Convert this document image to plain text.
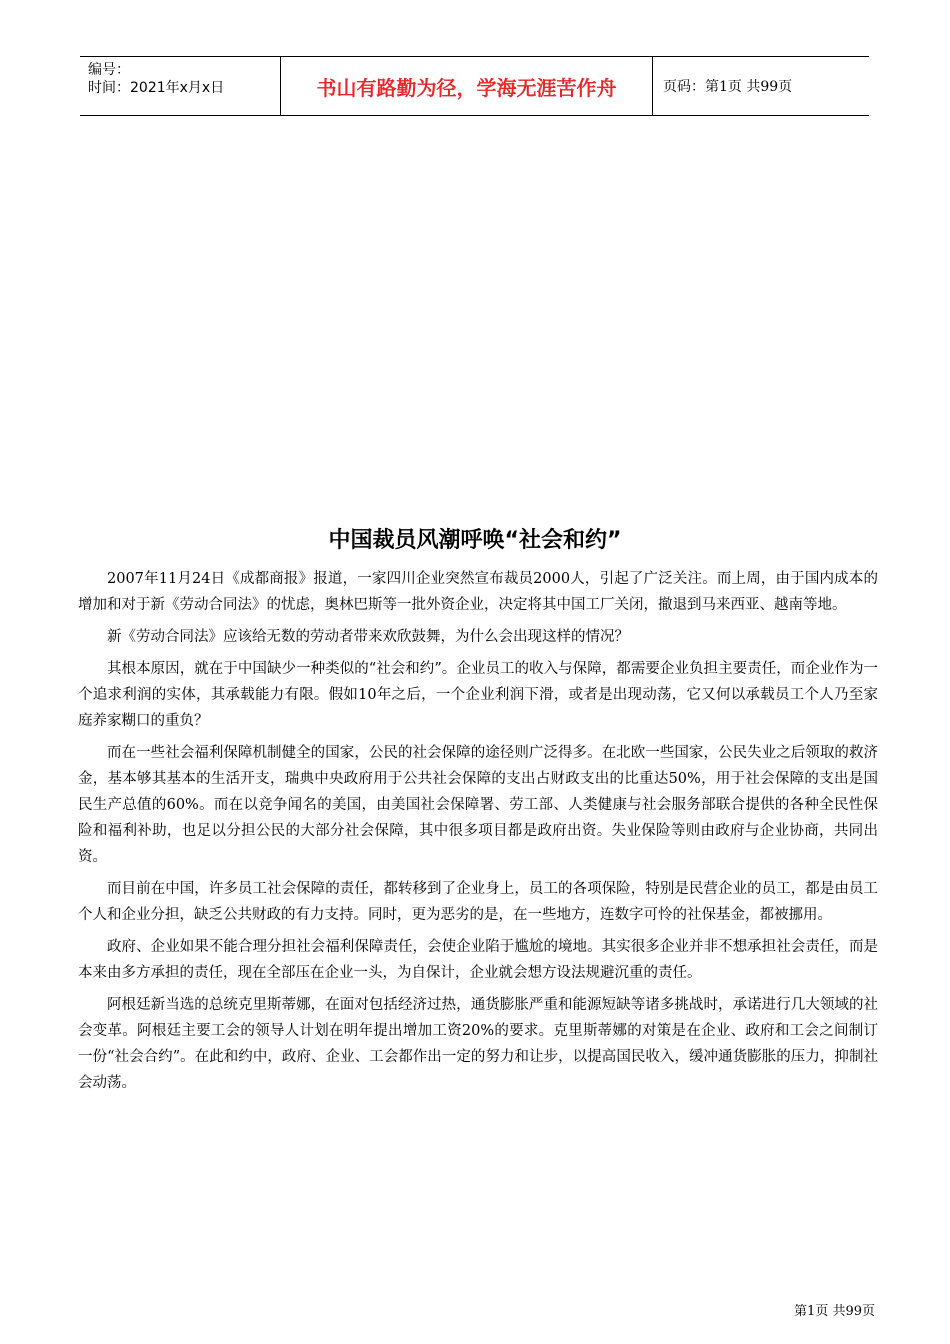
编号：
时间：2021年x月x日	书山有路勤为径，学海无涯苦作舟	页码：第1页 共99页
中国裁员风潮呼唤“社会和约”

2007年11月24日《成都商报》报道，一家四川企业突然宣布裁员2000人，引起了广泛关注。而上周，由于国内成本的增加和对于新《劳动合同法》的忧虑，奥林巴斯等一批外资企业，决定将其中国工厂关闭，撤退到马来西亚、越南等地。

新《劳动合同法》应该给无数的劳动者带来欢欣鼓舞，为什么会出现这样的情况？

其根本原因，就在于中国缺少一种类似的“社会和约”。企业员工的收入与保障，都需要企业负担主要责任，而企业作为一个追求利润的实体，其承载能力有限。假如10年之后，一个企业利润下滑，或者是出现动荡，它又何以承载员工个人乃至家庭养家糊口的重负？

而在一些社会福利保障机制健全的国家，公民的社会保障的途径则广泛得多。在北欧一些国家，公民失业之后领取的救济金，基本够其基本的生活开支，瑞典中央政府用于公共社会保障的支出占财政支出的比重达50%，用于社会保障的支出是国民生产总值的60%。而在以竞争闻名的美国，由美国社会保障署、劳工部、人类健康与社会服务部联合提供的各种全民性保险和福利补助，也足以分担公民的大部分社会保障，其中很多项目都是政府出资。失业保险等则由政府与企业协商，共同出资。

而目前在中国，许多员工社会保障的责任，都转移到了企业身上，员工的各项保险，特别是民营企业的员工，都是由员工个人和企业分担，缺乏公共财政的有力支持。同时，更为恶劣的是，在一些地方，连数字可怜的社保基金，都被挪用。

政府、企业如果不能合理分担社会福利保障责任，会使企业陷于尴尬的境地。其实很多企业并非不想承担社会责任，而是本来由多方承担的责任，现在全部压在企业一头，为自保计，企业就会想方设法规避沉重的责任。

阿根廷新当选的总统克里斯蒂娜，在面对包括经济过热，通货膨胀严重和能源短缺等诸多挑战时，承诺进行几大领域的社会变革。阿根廷主要工会的领导人计划在明年提出增加工资20%的要求。克里斯蒂娜的对策是在企业、政府和工会之间制订一份“社会合约”。在此和约中，政府、企业、工会都作出一定的努力和让步，以提高国民收入，缓冲通货膨胀的压力，抑制社会动荡。

第1页 共99页
